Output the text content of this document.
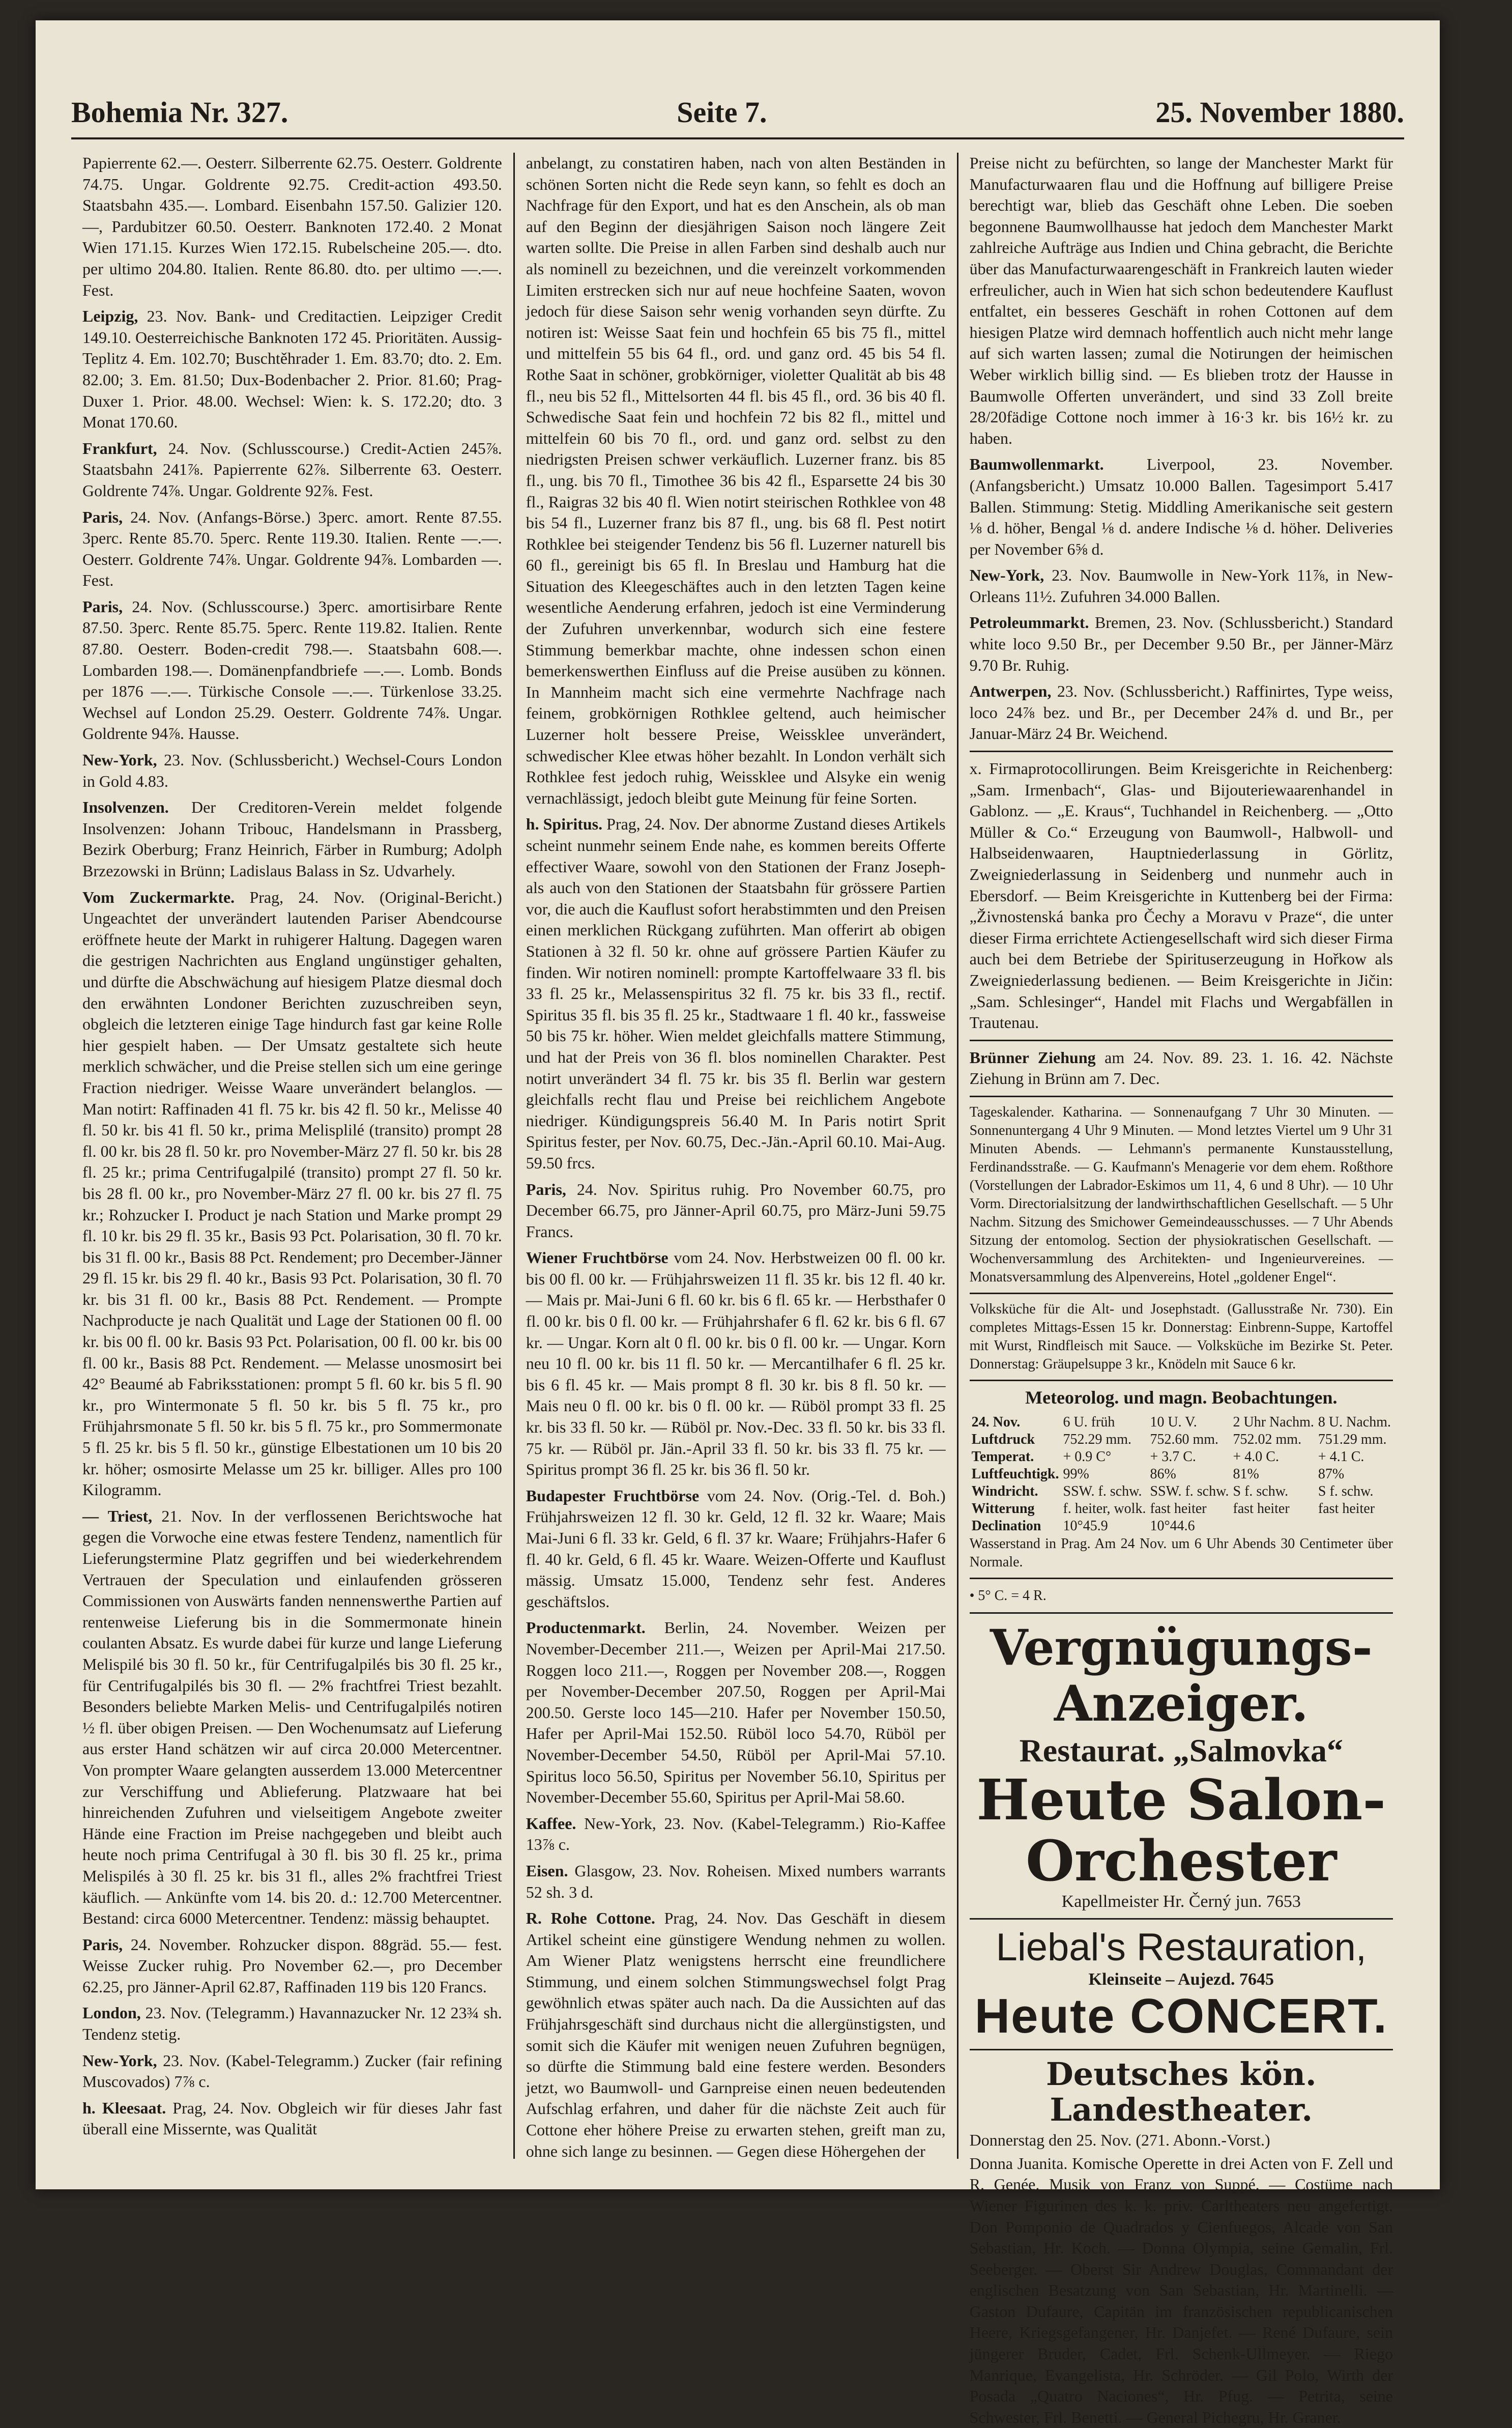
Bohemia Nr. 327.	Seite 7.	25. November 1880.

Papierrente 62.—. Oesterr. Silberrente 62.75. Oesterr. Goldrente 74.75. Ungar. Goldrente 92.75. Credit-action 493.50. Staatsbahn 435.—. Lombard. Eisenbahn 157.50. Galizier 120.—, Pardubitzer 60.50. Oesterr. Banknoten 172.40. 2 Monat Wien 171.15. Kurzes Wien 172.15. Rubelscheine 205.—. dto. per ultimo 204.80. Italien. Rente 86.80. dto. per ultimo —.—. Fest.

Leipzig, 23. Nov. Bank- und Creditactien. Leipziger Credit 149.10. Oesterreichische Banknoten 172 45. Prioritäten. Aussig-Teplitz 4. Em. 102.70; Buschtěhrader 1. Em. 83.70; dto. 2. Em. 82.00; 3. Em. 81.50; Dux-Bodenbacher 2. Prior. 81.60; Prag-Duxer 1. Prior. 48.00. Wechsel: Wien: k. S. 172.20; dto. 3 Monat 170.60.

Frankfurt, 24. Nov. (Schlusscourse.) Credit-Actien 245⅞. Staatsbahn 241⅞. Papierrente 62⅞. Silberrente 63. Oesterr. Goldrente 74⅞. Ungar. Goldrente 92⅞. Fest.

Paris, 24. Nov. (Anfangs-Börse.) 3perc. amort. Rente 87.55. 3perc. Rente 85.70. 5perc. Rente 119.30. Italien. Rente —.—. Oesterr. Goldrente 74⅞. Ungar. Goldrente 94⅞. Lombarden —. Fest.

Paris, 24. Nov. (Schlusscourse.) 3perc. amortisirbare Rente 87.50. 3perc. Rente 85.75. 5perc. Rente 119.82. Italien. Rente 87.80. Oesterr. Boden-credit 798.—. Staatsbahn 608.—. Lombarden 198.—. Domänenpfandbriefe —.—. Lomb. Bonds per 1876 —.—. Türkische Console —.—. Türkenlose 33.25. Wechsel auf London 25.29. Oesterr. Goldrente 74⅞. Ungar. Goldrente 94⅞. Hausse.

New-York, 23. Nov. (Schlussbericht.) Wechsel-Cours London in Gold 4.83.

Insolvenzen. Der Creditoren-Verein meldet folgende Insolvenzen: Johann Tribouc, Handelsmann in Prassberg, Bezirk Oberburg; Franz Heinrich, Färber in Rumburg; Adolph Brzezowski in Brünn; Ladislaus Balass in Sz. Udvarhely.

Vom Zuckermarkte. Prag, 24. Nov. (Original-Bericht.) Ungeachtet der unverändert lautenden Pariser Abendcourse eröffnete heute der Markt in ruhigerer Haltung. Dagegen waren die gestrigen Nachrichten aus England ungünstiger gehalten, und dürfte die Abschwächung auf hiesigem Platze diesmal doch den erwähnten Londoner Berichten zuzuschreiben seyn, obgleich die letzteren einige Tage hindurch fast gar keine Rolle hier gespielt haben. — Der Umsatz gestaltete sich heute merklich schwächer, und die Preise stellen sich um eine geringe Fraction niedriger. Weisse Waare unverändert belanglos. — Man notirt: Raffinaden 41 fl. 75 kr. bis 42 fl. 50 kr., Melisse 40 fl. 50 kr. bis 41 fl. 50 kr., prima Melisplilé (transito) prompt 28 fl. 00 kr. bis 28 fl. 50 kr. pro November-März 27 fl. 50 kr. bis 28 fl. 25 kr.; prima Centrifugalpilé (transito) prompt 27 fl. 50 kr. bis 28 fl. 00 kr., pro November-März 27 fl. 00 kr. bis 27 fl. 75 kr.; Rohzucker I. Product je nach Station und Marke prompt 29 fl. 10 kr. bis 29 fl. 35 kr., Basis 93 Pct. Polarisation, 30 fl. 70 kr. bis 31 fl. 00 kr., Basis 88 Pct. Rendement; pro December-Jänner 29 fl. 15 kr. bis 29 fl. 40 kr., Basis 93 Pct. Polarisation, 30 fl. 70 kr. bis 31 fl. 00 kr., Basis 88 Pct. Rendement. — Prompte Nachproducte je nach Qualität und Lage der Stationen 00 fl. 00 kr. bis 00 fl. 00 kr. Basis 93 Pct. Polarisation, 00 fl. 00 kr. bis 00 fl. 00 kr., Basis 88 Pct. Rendement. — Melasse unosmosirt bei 42° Beaumé ab Fabriksstationen: prompt 5 fl. 60 kr. bis 5 fl. 90 kr., pro Wintermonate 5 fl. 50 kr. bis 5 fl. 75 kr., pro Frühjahrsmonate 5 fl. 50 kr. bis 5 fl. 75 kr., pro Sommermonate 5 fl. 25 kr. bis 5 fl. 50 kr., günstige Elbestationen um 10 bis 20 kr. höher; osmosirte Melasse um 25 kr. billiger. Alles pro 100 Kilogramm.

— Triest, 21. Nov. In der verflossenen Berichtswoche hat gegen die Vorwoche eine etwas festere Tendenz, namentlich für Lieferungstermine Platz gegriffen und bei wiederkehrendem Vertrauen der Speculation und einlaufenden grösseren Commissionen von Auswärts fanden nennenswerthe Partien auf rentenweise Lieferung bis in die Sommermonate hinein coulanten Absatz. Es wurde dabei für kurze und lange Lieferung Melispilé bis 30 fl. 50 kr., für Centrifugalpilés bis 30 fl. 25 kr., für Centrifugalpilés bis 30 fl. — 2% frachtfrei Triest bezahlt. Besonders beliebte Marken Melis- und Centrifugalpilés notiren ½ fl. über obigen Preisen. — Den Wochenumsatz auf Lieferung aus erster Hand schätzen wir auf circa 20.000 Metercentner. Von prompter Waare gelangten ausserdem 13.000 Metercentner zur Verschiffung und Ablieferung. Platzwaare hat bei hinreichenden Zufuhren und vielseitigem Angebote zweiter Hände eine Fraction im Preise nachgegeben und bleibt auch heute noch prima Centrifugal à 30 fl. bis 30 fl. 25 kr., prima Melispilés à 30 fl. 25 kr. bis 31 fl., alles 2% frachtfrei Triest käuflich. — Ankünfte vom 14. bis 20. d.: 12.700 Metercentner. Bestand: circa 6000 Metercentner. Tendenz: mässig behauptet.

Paris, 24. November. Rohzucker dispon. 88gräd. 55.— fest. Weisse Zucker ruhig. Pro November 62.—, pro December 62.25, pro Jänner-April 62.87, Raffinaden 119 bis 120 Francs.

London, 23. Nov. (Telegramm.) Havannazucker Nr. 12 23¾ sh. Tendenz stetig.

New-York, 23. Nov. (Kabel-Telegramm.) Zucker (fair refining Muscovados) 7⅞ c.

h. Kleesaat. Prag, 24. Nov. Obgleich wir für dieses Jahr fast überall eine Missernte, was Qualität

anbelangt, zu constatiren haben, nach von alten Beständen in schönen Sorten nicht die Rede seyn kann, so fehlt es doch an Nachfrage für den Export, und hat es den Anschein, als ob man auf den Beginn der diesjährigen Saison noch längere Zeit warten sollte. Die Preise in allen Farben sind deshalb auch nur als nominell zu bezeichnen, und die vereinzelt vorkommenden Limiten erstrecken sich nur auf neue hochfeine Saaten, wovon jedoch für diese Saison sehr wenig vorhanden seyn dürfte. Zu notiren ist: Weisse Saat fein und hochfein 65 bis 75 fl., mittel und mittelfein 55 bis 64 fl., ord. und ganz ord. 45 bis 54 fl. Rothe Saat in schöner, grobkörniger, violetter Qualität ab bis 48 fl., neu bis 52 fl., Mittelsorten 44 fl. bis 45 fl., ord. 36 bis 40 fl. Schwedische Saat fein und hochfein 72 bis 82 fl., mittel und mittelfein 60 bis 70 fl., ord. und ganz ord. selbst zu den niedrigsten Preisen schwer verkäuflich. Luzerner franz. bis 85 fl., ung. bis 70 fl., Timothee 36 bis 42 fl., Esparsette 24 bis 30 fl., Raigras 32 bis 40 fl. Wien notirt steirischen Rothklee von 48 bis 54 fl., Luzerner franz bis 87 fl., ung. bis 68 fl. Pest notirt Rothklee bei steigender Tendenz bis 56 fl. Luzerner naturell bis 60 fl., gereinigt bis 65 fl. In Breslau und Hamburg hat die Situation des Kleegeschäftes auch in den letzten Tagen keine wesentliche Aenderung erfahren, jedoch ist eine Verminderung der Zufuhren unverkennbar, wodurch sich eine festere Stimmung bemerkbar machte, ohne indessen schon einen bemerkenswerthen Einfluss auf die Preise ausüben zu können. In Mannheim macht sich eine vermehrte Nachfrage nach feinem, grobkörnigen Rothklee geltend, auch heimischer Luzerner holt bessere Preise, Weissklee unverändert, schwedischer Klee etwas höher bezahlt. In London verhält sich Rothklee fest jedoch ruhig, Weissklee und Alsyke ein wenig vernachlässigt, jedoch bleibt gute Meinung für feine Sorten.

h. Spiritus. Prag, 24. Nov. Der abnorme Zustand dieses Artikels scheint nunmehr seinem Ende nahe, es kommen bereits Offerte effectiver Waare, sowohl von den Stationen der Franz Joseph- als auch von den Stationen der Staatsbahn für grössere Partien vor, die auch die Kauflust sofort herabstimmten und den Preisen einen merklichen Rückgang zuführten. Man offerirt ab obigen Stationen à 32 fl. 50 kr. ohne auf grössere Partien Käufer zu finden. Wir notiren nominell: prompte Kartoffelwaare 33 fl. bis 33 fl. 25 kr., Melassenspiritus 32 fl. 75 kr. bis 33 fl., rectif. Spiritus 35 fl. bis 35 fl. 25 kr., Stadtwaare 1 fl. 40 kr., fassweise 50 bis 75 kr. höher. Wien meldet gleichfalls mattere Stimmung, und hat der Preis von 36 fl. blos nominellen Charakter. Pest notirt unverändert 34 fl. 75 kr. bis 35 fl. Berlin war gestern gleichfalls recht flau und Preise bei reichlichem Angebote niedriger. Kündigungspreis 56.40 M. In Paris notirt Sprit Spiritus fester, per Nov. 60.75, Dec.-Jän.-April 60.10. Mai-Aug. 59.50 frcs.

Paris, 24. Nov. Spiritus ruhig. Pro November 60.75, pro December 66.75, pro Jänner-April 60.75, pro März-Juni 59.75 Francs.

Wiener Fruchtbörse vom 24. Nov. Herbstweizen 00 fl. 00 kr. bis 00 fl. 00 kr. — Frühjahrsweizen 11 fl. 35 kr. bis 12 fl. 40 kr. — Mais pr. Mai-Juni 6 fl. 60 kr. bis 6 fl. 65 kr. — Herbsthafer 0 fl. 00 kr. bis 0 fl. 00 kr. — Frühjahrshafer 6 fl. 62 kr. bis 6 fl. 67 kr. — Ungar. Korn alt 0 fl. 00 kr. bis 0 fl. 00 kr. — Ungar. Korn neu 10 fl. 00 kr. bis 11 fl. 50 kr. — Mercantilhafer 6 fl. 25 kr. bis 6 fl. 45 kr. — Mais prompt 8 fl. 30 kr. bis 8 fl. 50 kr. — Mais neu 0 fl. 00 kr. bis 0 fl. 00 kr. — Rüböl prompt 33 fl. 25 kr. bis 33 fl. 50 kr. — Rüböl pr. Nov.-Dec. 33 fl. 50 kr. bis 33 fl. 75 kr. — Rüböl pr. Jän.-April 33 fl. 50 kr. bis 33 fl. 75 kr. — Spiritus prompt 36 fl. 25 kr. bis 36 fl. 50 kr.

Budapester Fruchtbörse vom 24. Nov. (Orig.-Tel. d. Boh.) Frühjahrsweizen 12 fl. 30 kr. Geld, 12 fl. 32 kr. Waare; Mais Mai-Juni 6 fl. 33 kr. Geld, 6 fl. 37 kr. Waare; Frühjahrs-Hafer 6 fl. 40 kr. Geld, 6 fl. 45 kr. Waare. Weizen-Offerte und Kauflust mässig. Umsatz 15.000, Tendenz sehr fest. Anderes geschäftslos.

Productenmarkt. Berlin, 24. November. Weizen per November-December 211.—, Weizen per April-Mai 217.50. Roggen loco 211.—, Roggen per November 208.—, Roggen per November-December 207.50, Roggen per April-Mai 200.50. Gerste loco 145—210. Hafer per November 150.50, Hafer per April-Mai 152.50. Rüböl loco 54.70, Rüböl per November-December 54.50, Rüböl per April-Mai 57.10. Spiritus loco 56.50, Spiritus per November 56.10, Spiritus per November-December 55.60, Spiritus per April-Mai 58.60.

Kaffee. New-York, 23. Nov. (Kabel-Telegramm.) Rio-Kaffee 13⅞ c.

Eisen. Glasgow, 23. Nov. Roheisen. Mixed numbers warrants 52 sh. 3 d.

R. Rohe Cottone. Prag, 24. Nov. Das Geschäft in diesem Artikel scheint eine günstigere Wendung nehmen zu wollen. Am Wiener Platz wenigstens herrscht eine freundlichere Stimmung, und einem solchen Stimmungswechsel folgt Prag gewöhnlich etwas später auch nach. Da die Aussichten auf das Frühjahrsgeschäft sind durchaus nicht die allergünstigsten, und somit sich die Käufer mit wenigen neuen Zufuhren begnügen, so dürfte die Stimmung bald eine festere werden. Besonders jetzt, wo Baumwoll- und Garnpreise einen neuen bedeutenden Aufschlag erfahren, und daher für die nächste Zeit auch für Cottone eher höhere Preise zu erwarten stehen, greift man zu, ohne sich lange zu besinnen. — Gegen diese Höhergehen der

Preise nicht zu befürchten, so lange der Manchester Markt für Manufacturwaaren flau und die Hoffnung auf billigere Preise berechtigt war, blieb das Geschäft ohne Leben. Die soeben begonnene Baumwollhausse hat jedoch dem Manchester Markt zahlreiche Aufträge aus Indien und China gebracht, die Berichte über das Manufacturwaarengeschäft in Frankreich lauten wieder erfreulicher, auch in Wien hat sich schon bedeutendere Kauflust entfaltet, ein besseres Geschäft in rohen Cottonen auf dem hiesigen Platze wird demnach hoffentlich auch nicht mehr lange auf sich warten lassen; zumal die Notirungen der heimischen Weber wirklich billig sind. — Es blieben trotz der Hausse in Baumwolle Offerten unverändert, und sind 33 Zoll breite 28/20fädige Cottone noch immer à 16·3 kr. bis 16½ kr. zu haben.

Baumwollenmarkt. Liverpool, 23. November. (Anfangsbericht.) Umsatz 10.000 Ballen. Tagesimport 5.417 Ballen. Stimmung: Stetig. Middling Amerikanische seit gestern ⅛ d. höher, Bengal ⅛ d. andere Indische ⅛ d. höher. Deliveries per November 6⅝ d.

New-York, 23. Nov. Baumwolle in New-York 11⅞, in New-Orleans 11½. Zufuhren 34.000 Ballen.

Petroleummarkt. Bremen, 23. Nov. (Schlussbericht.) Standard white loco 9.50 Br., per December 9.50 Br., per Jänner-März 9.70 Br. Ruhig.

Antwerpen, 23. Nov. (Schlussbericht.) Raffinirtes, Type weiss, loco 24⅞ bez. und Br., per December 24⅞ d. und Br., per Januar-März 24 Br. Weichend.

x. Firmaprotocollirungen. Beim Kreisgerichte in Reichenberg: „Sam. Irmenbach“, Glas- und Bijouteriewaarenhandel in Gablonz. — „E. Kraus“, Tuchhandel in Reichenberg. — „Otto Müller & Co.“ Erzeugung von Baumwoll-, Halbwoll- und Halbseidenwaaren, Hauptniederlassung in Görlitz, Zweigniederlassung in Seidenberg und nunmehr auch in Ebersdorf. — Beim Kreisgerichte in Kuttenberg bei der Firma: „Živnostenská banka pro Čechy a Moravu v Praze“, die unter dieser Firma errichtete Actiengesellschaft wird sich dieser Firma auch bei dem Betriebe der Spirituserzeugung in Hořkow als Zweigniederlassung bedienen. — Beim Kreisgerichte in Jičin: „Sam. Schlesinger“, Handel mit Flachs und Wergabfällen in Trautenau.

Brünner Ziehung am 24. Nov. 89. 23. 1. 16. 42. Nächste Ziehung in Brünn am 7. Dec.

Tageskalender. Katharina. — Sonnenaufgang 7 Uhr 30 Minuten. — Sonnenuntergang 4 Uhr 9 Minuten. — Mond letztes Viertel um 9 Uhr 31 Minuten Abends. — Lehmann's permanente Kunstausstellung, Ferdinandsstraße. — G. Kaufmann's Menagerie vor dem ehem. Roßthore (Vorstellungen der Labrador-Eskimos um 11, 4, 6 und 8 Uhr). — 10 Uhr Vorm. Directorialsitzung der landwirthschaftlichen Gesellschaft. — 5 Uhr Nachm. Sitzung des Smichower Gemeindeausschusses. — 7 Uhr Abends Sitzung der entomolog. Section der physiokratischen Gesellschaft. — Wochenversammlung des Architekten- und Ingenieurvereines. — Monatsversammlung des Alpenvereins, Hotel „goldener Engel“.

Volksküche für die Alt- und Josephstadt. (Gallusstraße Nr. 730). Ein completes Mittags-Essen 15 kr. Donnerstag: Einbrenn-Suppe, Kartoffel mit Wurst, Rindfleisch mit Sauce. — Volksküche im Bezirke St. Peter. Donnerstag: Gräupelsuppe 3 kr., Knödeln mit Sauce 6 kr.

Meteorolog. und magn. Beobachtungen.

24. Nov.	6 U. früh	10 U. V.	2 Uhr Nachm.	8 U. Nachm.
Luftdruck	752.29 mm.	752.60 mm.	752.02 mm.	751.29 mm.
Temperat.	+ 0.9 C°	+ 3.7 C.	+ 4.0 C.	+ 4.1 C.
Luftfeuchtigk.	99%	86%	81%	87%
Windricht.	SSW. f. schw.	SSW. f. schw.	S f. schw.	S f. schw.
Witterung	f. heiter, wolk.	fast heiter	fast heiter	fast heiter
Declination	10°45.9	10°44.6		

Wasserstand in Prag. Am 24 Nov. um 6 Uhr Abends 30 Centimeter über Normale.

• 5° C. = 4 R.

Vergnügungs-Anzeiger.
Restaurat. „Salmovka“
Heute Salon-Orchester
Kapellmeister Hr. Černý jun. 7653
Liebal's Restauration,
Kleinseite – Aujezd. 7645
Heute CONCERT.
Deutsches kön. Landestheater.

Donnerstag den 25. Nov. (271. Abonn.-Vorst.)

Donna Juanita. Komische Operette in drei Acten von F. Zell und R. Genée. Musik von Franz von Suppé. — Costüme nach Wiener Figurinen des k. k. priv. Carltheaters neu angefertigt. Don Pomponio de Quadrados y Cienfuegos, Alcade von San Sebastian, Hr. Koch. — Donna Olympia, seine Gemalin, Frl. Seeberger. — Oberst Sir Andrew Douglas, Commandant der englischen Besatzung von San Sebastian, Hr. Martinelli. — Gaston Dufaure, Capitän im französischen republicanischen Heere, Kriegsgefangener, Hr. Danjefet. — René Dufaure, sein jüngerer Bruder, Cadet, Frl. Schenk-Ullmeyer. — Riego Manrique, Evangelista, Hr. Schröder. — Gil Polo, Wirth der Posada „Quatro Naciones“, Hr. Pfug. — Petrita, seine Schwester, Frl. Benetti. — General Pichegru, Hr. Graner.
